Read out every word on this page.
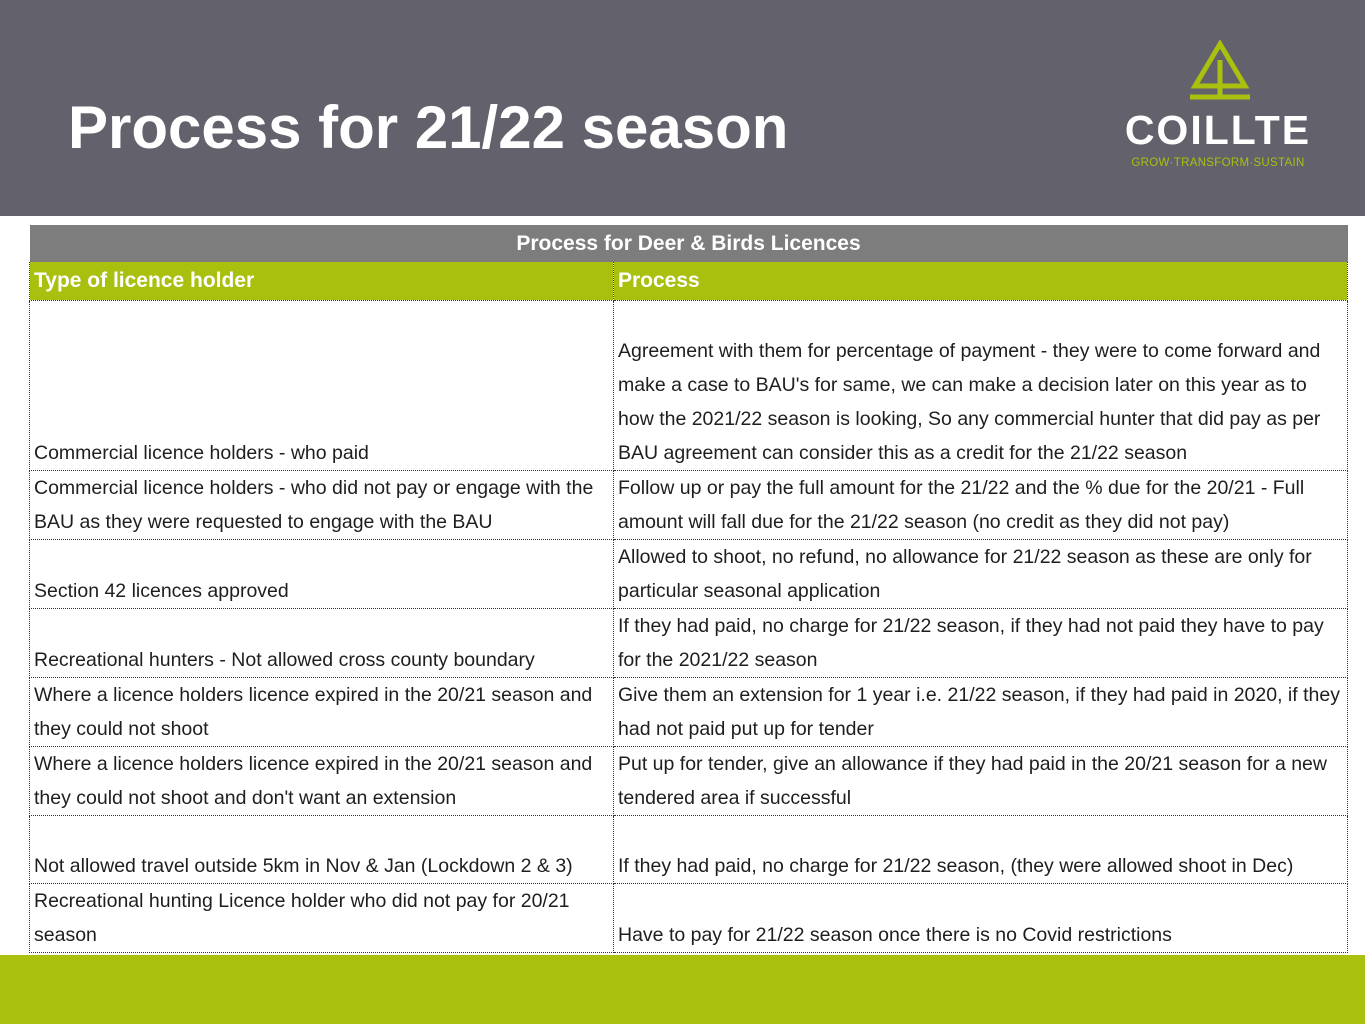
Process for 21/22 season	COILLTE
GROW·TRANSFORM·SUSTAIN
Process for Deer & Birds Licences	
Type of licence holder	Process
Commercial licence holders - who paid	Agreement with them for percentage of payment - they were to come forward and make a case to BAU's for same, we can make a decision later on this year as to how the 2021/22 season is looking, So any commercial hunter that did pay as per BAU agreement can consider this as a credit for the 21/22 season
Commercial licence holders - who did not pay or engage with the BAU as they were requested to engage with the BAU	Follow up or pay the full amount for the 21/22 and the % due for the 20/21 - Full amount will fall due for the 21/22 season (no credit as they did not pay)
Section 42 licences approved	Allowed to shoot, no refund, no allowance for 21/22 season as these are only for particular seasonal application
Recreational hunters - Not allowed cross county boundary	If they had paid, no charge for 21/22 season, if they had not paid they have to pay for the 2021/22 season
Where a licence holders licence expired in the 20/21 season and they could not shoot	Give them an extension for 1 year i.e. 21/22 season, if they had paid in 2020, if they had not paid put up for tender
Where a licence holders licence expired in the 20/21 season and they could not shoot and don't want an extension	Put up for tender, give an allowance if they had paid in the 20/21 season for a new tendered area if successful
Not allowed travel outside 5km in Nov & Jan (Lockdown 2 & 3)	If they had paid, no charge for 21/22 season, (they were allowed shoot in Dec)
Recreational hunting Licence holder who did not pay for 20/21 season	Have to pay for 21/22 season once there is no Covid restrictions
